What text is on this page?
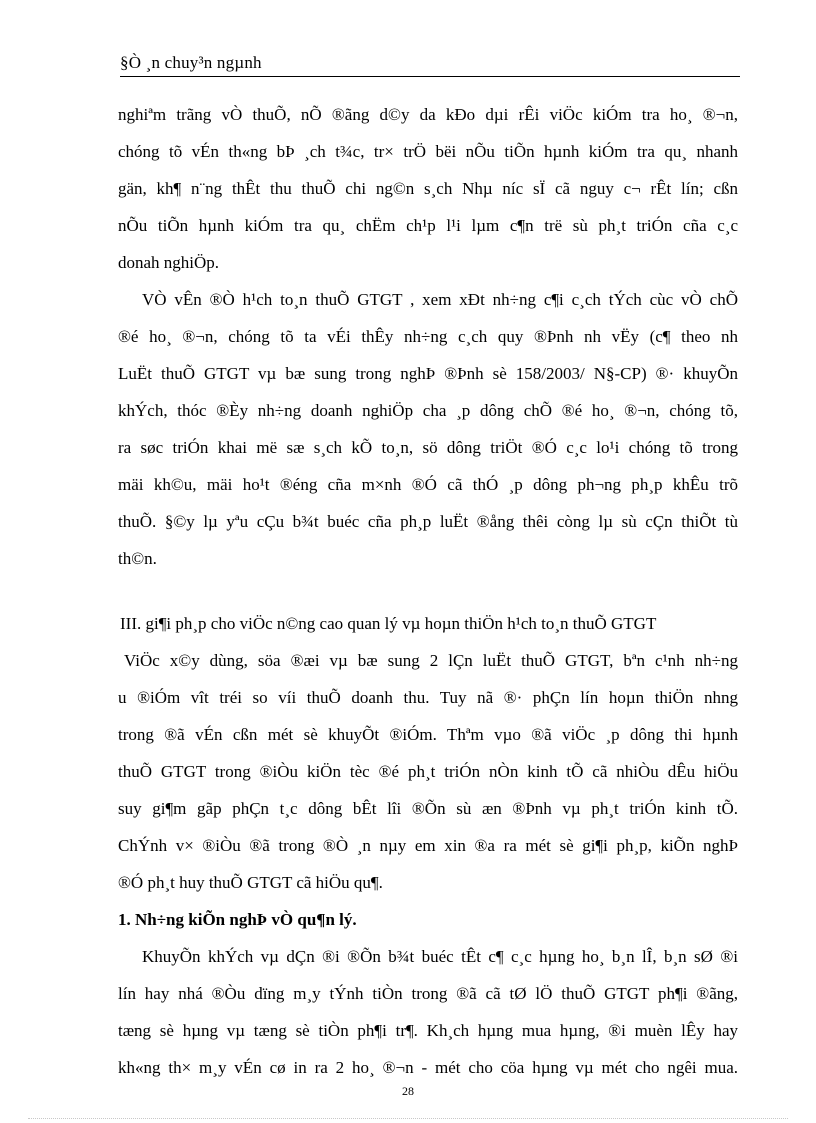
§Ò ¸n chuy³n ngµnh
nghiªm trãng vÒ thuÕ, nÕ ®ãng d©y da kÐo dµi rÊi viÖc kiÓm tra ho¸ ®¬n,
chóng tõ vÉn th«ng bÞ ¸ch t¾c, tr× trÖ bëi nÕu tiÕn hµnh kiÓm tra qu¸ nhanh
gän, kh¶ n¨ng thÊt thu thuÕ chi ng©n s¸ch Nhµ níc sÏ cã nguy c¬ rÊt lín; cßn
nÕu tiÕn hµnh kiÓm tra qu¸ chËm ch¹p l¹i lµm c¶n trë sù ph¸t triÓn cña c¸c
donah nghiÖp.
VÒ vÊn ®Ò h¹ch to¸n thuÕ GTGT , xem xÐt nh÷ng c¶i c¸ch tÝch cùc vÒ chÕ
®é ho¸ ®¬n, chóng tõ ta vÉi thÊy nh÷ng c¸ch quy ®Þnh nh vËy (c¶ theo nh
LuËt thuÕ GTGT vµ bæ sung trong nghÞ ®Þnh sè 158/2003/ N§-CP) ®· khuyÕn
khÝch, thóc ®Èy nh÷ng doanh nghiÖp cha ¸p dông chÕ ®é ho¸ ®¬n, chóng tõ,
ra søc triÓn khai më sæ s¸ch kÕ to¸n, sö dông triÖt ®Ó c¸c lo¹i chóng tõ trong
mäi kh©u, mäi ho¹t ®éng cña m×nh ®Ó cã thÓ ¸p dông ph¬ng ph¸p khÊu trõ
thuÕ. §©y lµ yªu cÇu b¾t buéc cña ph¸p luËt ®ång thêi còng lµ sù cÇn thiÕt tù
th©n.
III. gi¶i ph¸p cho viÖc n©ng cao quan lý vµ hoµn thiÖn h¹ch to¸n thuÕ GTGT
ViÖc x©y dùng, söa ®æi vµ bæ sung 2 lÇn luËt thuÕ GTGT, bªn c¹nh nh÷ng
u ®iÓm vît tréi so víi thuÕ doanh thu. Tuy nã ®· phÇn lín hoµn thiÖn nhng
trong ®ã vÉn cßn mét sè khuyÕt ®iÓm. Thªm vµo ®ã viÖc ¸p dông thi hµnh
thuÕ GTGT trong ®iÒu kiÖn tèc ®é ph¸t triÓn nÒn kinh tÕ cã nhiÒu dÊu hiÖu
suy gi¶m gãp phÇn t¸c dông bÊt lîi ®Õn sù æn ®Þnh vµ ph¸t triÓn kinh tÕ.
ChÝnh v× ®iÒu ®ã trong ®Ò ¸n nµy em xin ®a ra mét sè gi¶i ph¸p, kiÕn nghÞ
®Ó ph¸t huy thuÕ GTGT cã hiÖu qu¶.
1. Nh÷ng kiÕn nghÞ vÒ qu¶n lý.
KhuyÕn khÝch vµ dÇn ®i ®Õn b¾t buéc tÊt c¶ c¸c hµng ho¸ b¸n lÎ, b¸n sØ ®i
lín hay nhá ®Òu dïng m¸y tÝnh tiÒn trong ®ã cã tØ lÖ thuÕ GTGT ph¶i ®ãng,
tæng sè hµng vµ tæng sè tiÒn ph¶i tr¶. Kh¸ch hµng mua hµng, ®i muèn lÊy hay
kh«ng th× m¸y vÉn cø in ra 2 ho¸ ®¬n - mét cho cöa hµng vµ mét cho ngêi mua.
28
